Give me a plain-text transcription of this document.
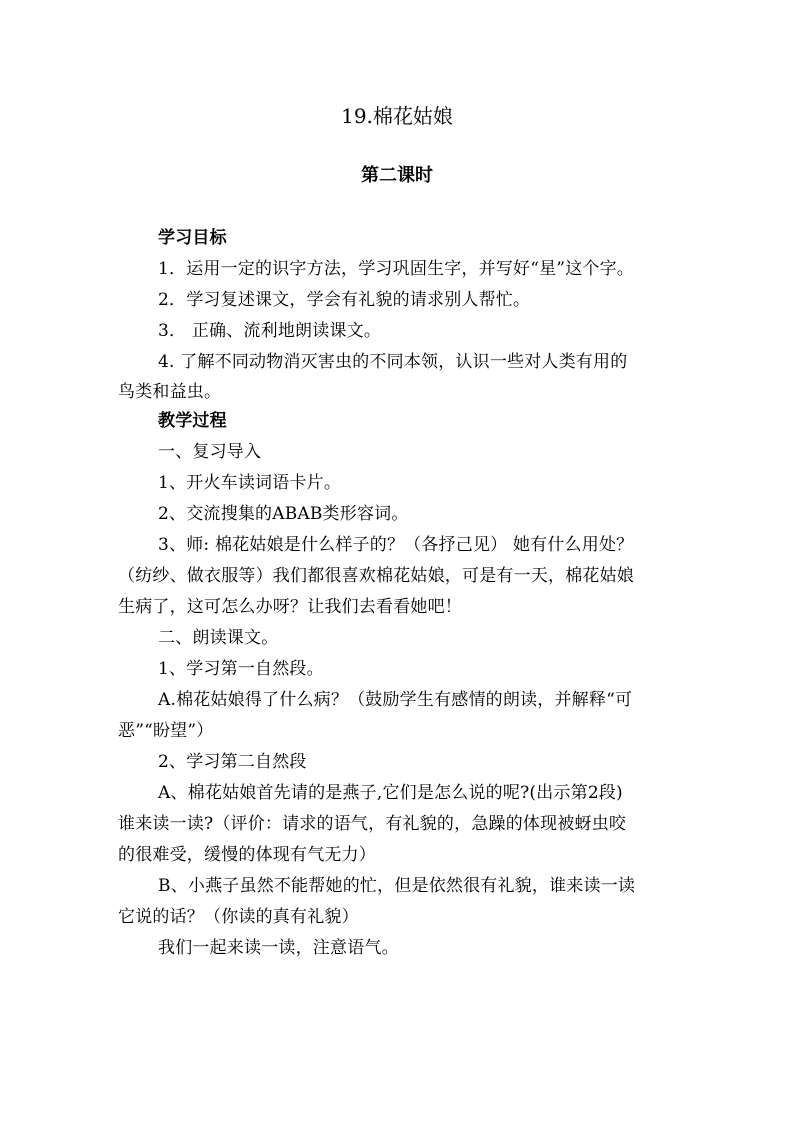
19.棉花姑娘
第二课时
学习目标
1．运用一定的识字方法，学习巩固生字，并写好“星”这个字。
2．学习复述课文，学会有礼貌的请求别人帮忙。
3． 正确、流利地朗读课文。
4. 了解不同动物消灭害虫的不同本领，认识一些对人类有用的
鸟类和益虫。
教学过程
一、复习导入
1、开火车读词语卡片。
2、交流搜集的ABAB类形容词。
3、师: 棉花姑娘是什么样子的？（各抒己见） 她有什么用处？
（纺纱、做衣服等）我们都很喜欢棉花姑娘，可是有一天，棉花姑娘
生病了，这可怎么办呀？让我们去看看她吧！
二、朗读课文。
1、学习第一自然段。
A.棉花姑娘得了什么病？（鼓励学生有感情的朗读，并解释“可
恶”“盼望”）
2、学习第二自然段
A、棉花姑娘首先请的是燕子,它们是怎么说的呢?(出示第2段)
谁来读一读?（评价：请求的语气，有礼貌的，急躁的体现被蚜虫咬
的很难受，缓慢的体现有气无力）
B、小燕子虽然不能帮她的忙，但是依然很有礼貌，谁来读一读
它说的话？（你读的真有礼貌）
我们一起来读一读，注意语气。
